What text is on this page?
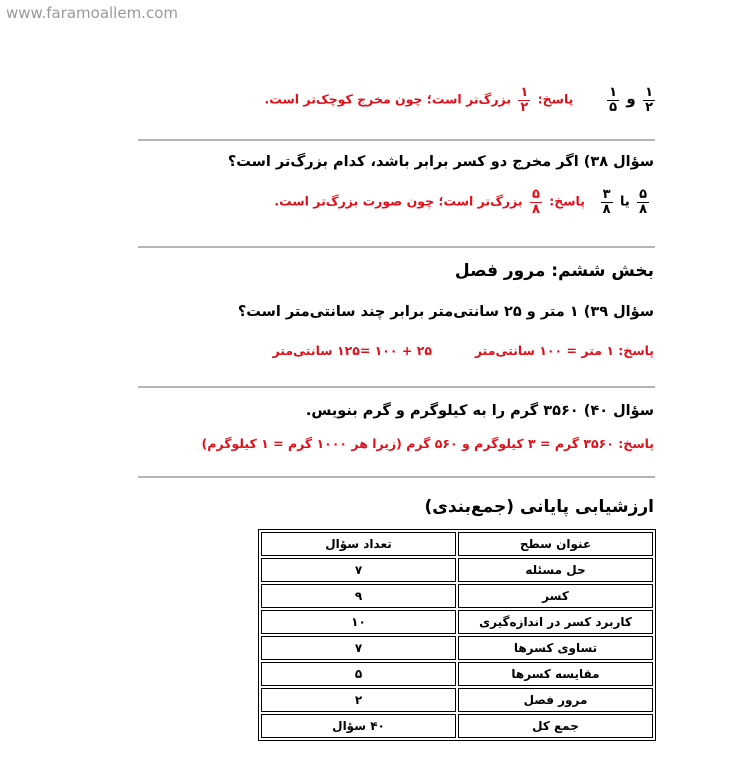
www.faramoallem.com
$\frac{۱}{۲}$
و
$\frac{۱}{۵}$
پاسخ:
$\frac{۱}{۲}$
بزرگ‌تر است؛ چون مخرج کوچک‌تر است.
سؤال ۳۸) اگر مخرج دو کسر برابر باشد، کدام بزرگ‌تر است؟
$\frac{۵}{۸}$
یا
$\frac{۳}{۸}$
پاسخ:
$\frac{۵}{۸}$
بزرگ‌تر است؛ چون صورت بزرگ‌تر است.
بخش ششم: مرور فصل
سؤال ۳۹) ۱ متر و ۲۵ سانتی‌متر برابر چند سانتی‌متر است؟
پاسخ: ۱ متر = ۱۰۰ سانتی‌متر
۲۵ + ۱۰۰ =۱۲۵ سانتی‌متر
سؤال ۴۰) ۳۵۶۰ گرم را به کیلوگرم و گرم بنویس.
پاسخ: ۳۵۶۰ گرم = ۳ کیلوگرم و ۵۶۰ گرم (زیرا هر ۱۰۰۰ گرم = ۱ کیلوگرم)
ارزشیابی پایانی (جمع‌بندی)
عنوان سطح	تعداد سؤال
حل مسئله	۷
کسر	۹
کاربرد کسر در اندازه‌گیری	۱۰
تساوی کسرها	۷
مقایسه کسرها	۵
مرور فصل	۲
جمع کل	۴۰ سؤال
